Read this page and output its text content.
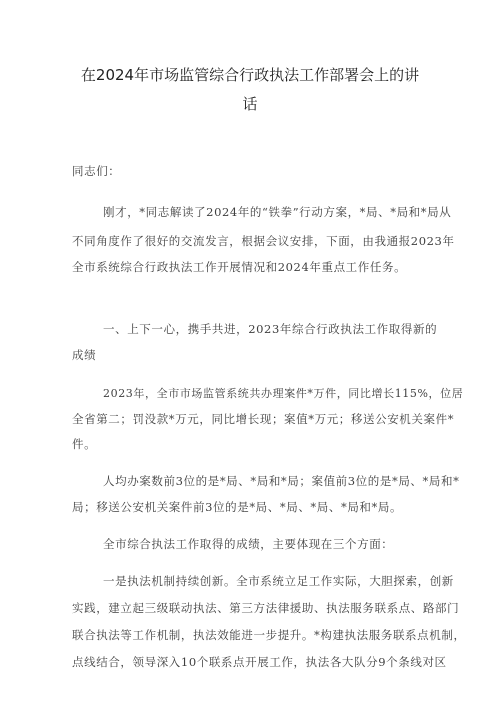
在2024年市场监管综合行政执法工作部署会上的讲
话
同志们：
刚才，*同志解读了2024年的“铁拳”行动方案，*局、*局和*局从
不同角度作了很好的交流发言，根据会议安排，下面，由我通报2023年
全市系统综合行政执法工作开展情况和2024年重点工作任务。
一、上下一心，携手共进，2023年综合行政执法工作取得新的
成绩
2023年，全市市场监管系统共办理案件*万件，同比增长115%，位居
全省第二；罚没款*万元，同比增长现；案值*万元；移送公安机关案件*
件。
人均办案数前3位的是*局、*局和*局；案值前3位的是*局、*局和*
局；移送公安机关案件前3位的是*局、*局、*局、*局和*局。
全市综合执法工作取得的成绩，主要体现在三个方面：
一是执法机制持续创新。全市系统立足工作实际，大胆探索，创新
实践，建立起三级联动执法、第三方法律援助、执法服务联系点、路部门
联合执法等工作机制，执法效能进一步提升。*构建执法服务联系点机制，
点线结合，领导深入10个联系点开展工作，执法各大队分9个条线对区
